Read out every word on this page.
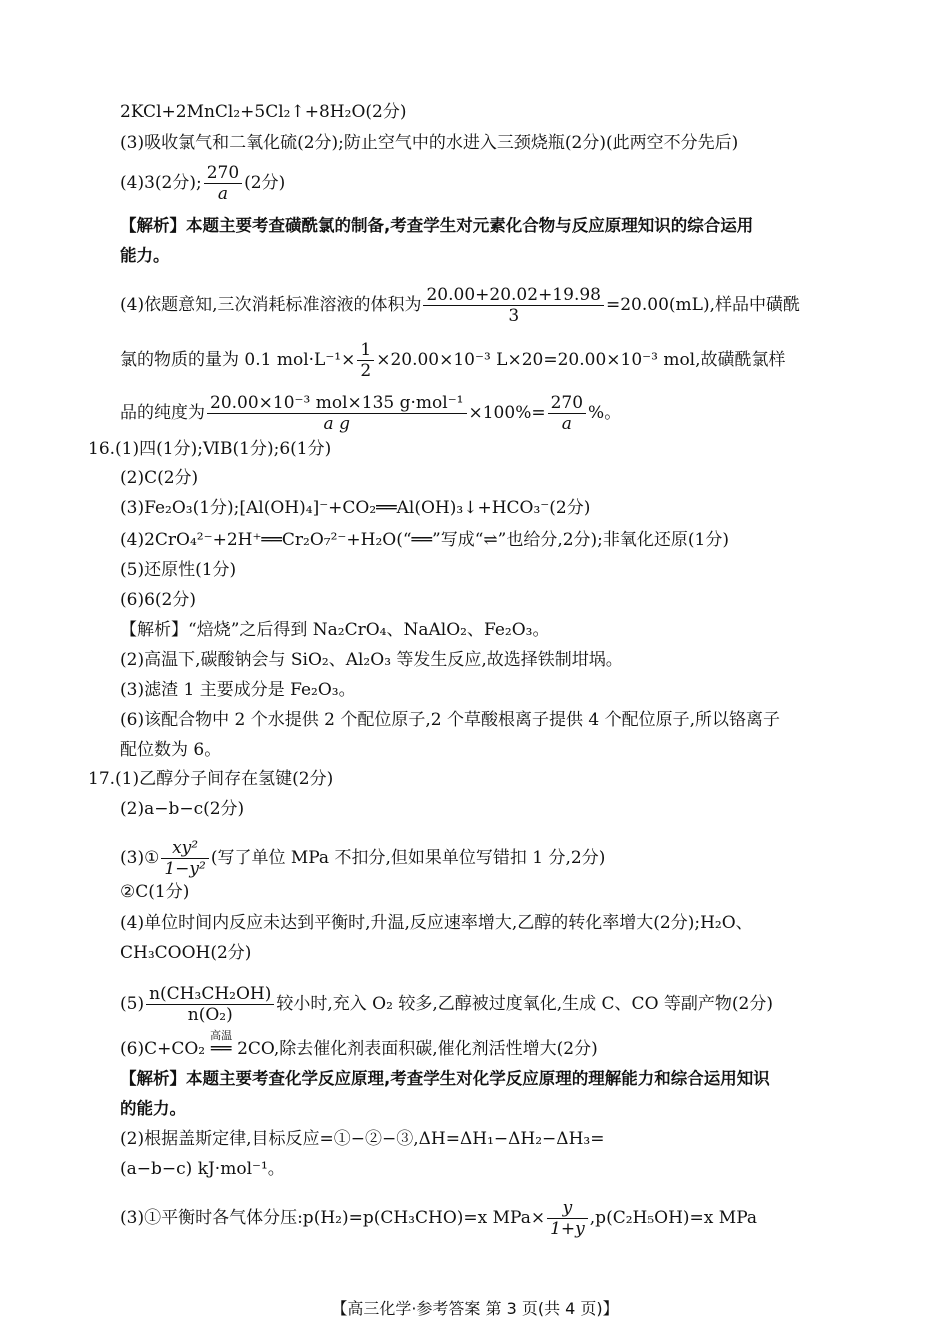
2KCl+2MnCl₂+5Cl₂↑+8H₂O(2分)
(3)吸收氯气和二氧化硫(2分);防止空气中的水进入三颈烧瓶(2分)(此两空不分先后)
(4)3(2分); $\frac{270}{a} (2$分)
【解析】本题主要考查磺酰氯的制备,考查学生对元素化合物与反应原理知识的综合运用
能力。
(4)依题意知,三次消耗标准溶液的体积为 $\frac{20.00+20.02+19.98}{3} =20.00(mL)$,样品中磺酰
氯的物质的量为 0.1 $mol\cdot L^{-1}\times \frac{1}{2} \times 20.00\times 10^{-3}$ L×20=20.00×10⁻³ mol,故磺酰氯样
品的纯度为 $\frac{\text{20.00×10⁻³ mol×135 g·mol⁻¹}}{\text{a g}} \times 100\%= \frac{270}{a}$ %。
16.(1)四(1分);ⅥB(1分);6(1分)
(2)C(2分)
(3)Fe₂O₃(1分);[Al(OH)₄]⁻+CO₂══Al(OH)₃↓+HCO₃⁻(2分)
(4)2CrO₄²⁻+2H⁺══Cr₂O₇²⁻+H₂O(“══”写成“⇌”也给分,2分);非氧化还原(1分)
(5)还原性(1分)
(6)6(2分)
【解析】“焙烧”之后得到 Na₂CrO₄、NaAlO₂、Fe₂O₃。
(2)高温下,碳酸钠会与 SiO₂、Al₂O₃ 等发生反应,故选择铁制坩埚。
(3)滤渣 1 主要成分是 Fe₂O₃。
(6)该配合物中 2 个水提供 2 个配位原子,2 个草酸根离子提供 4 个配位原子,所以铬离子
配位数为 6。
17.(1)乙醇分子间存在氢键(2分)
(2)a−b−c(2分)
(3)① $\frac{\text{xy²}}{\text{1−y²}}$ (写了单位 MPa 不扣分,但如果单位写错扣 1 分,2分)
②C(1分)
(4)单位时间内反应未达到平衡时,升温,反应速率增大,乙醇的转化率增大(2分);H₂O、
CH₃COOH(2分)
$(5) \frac{\text{n(CH₃CH₂OH)}}{\text{n(O₂)}}$ 较小时,充入 O₂ 较多,乙醇被过度氧化,生成 C、CO 等副产物(2分)
(6)C+CO₂
高温
══ 2CO,除去催化剂表面积碳,催化剂活性增大(2分)
【解析】本题主要考查化学反应原理,考查学生对化学反应原理的理解能力和综合运用知识
的能力。
(2)根据盖斯定律,目标反应=①−②−③,ΔH=ΔH₁−ΔH₂−ΔH₃=
(a−b−c) kJ·mol⁻¹。
(3)①平衡时各气体分压:p(H₂)=p(CH₃CHO)=x $MPa\times \frac{y}{1+y} ,p(C_2H_5OH)=x$ MPa
【高三化学·参考答案 第 3 页(共 4 页)】
